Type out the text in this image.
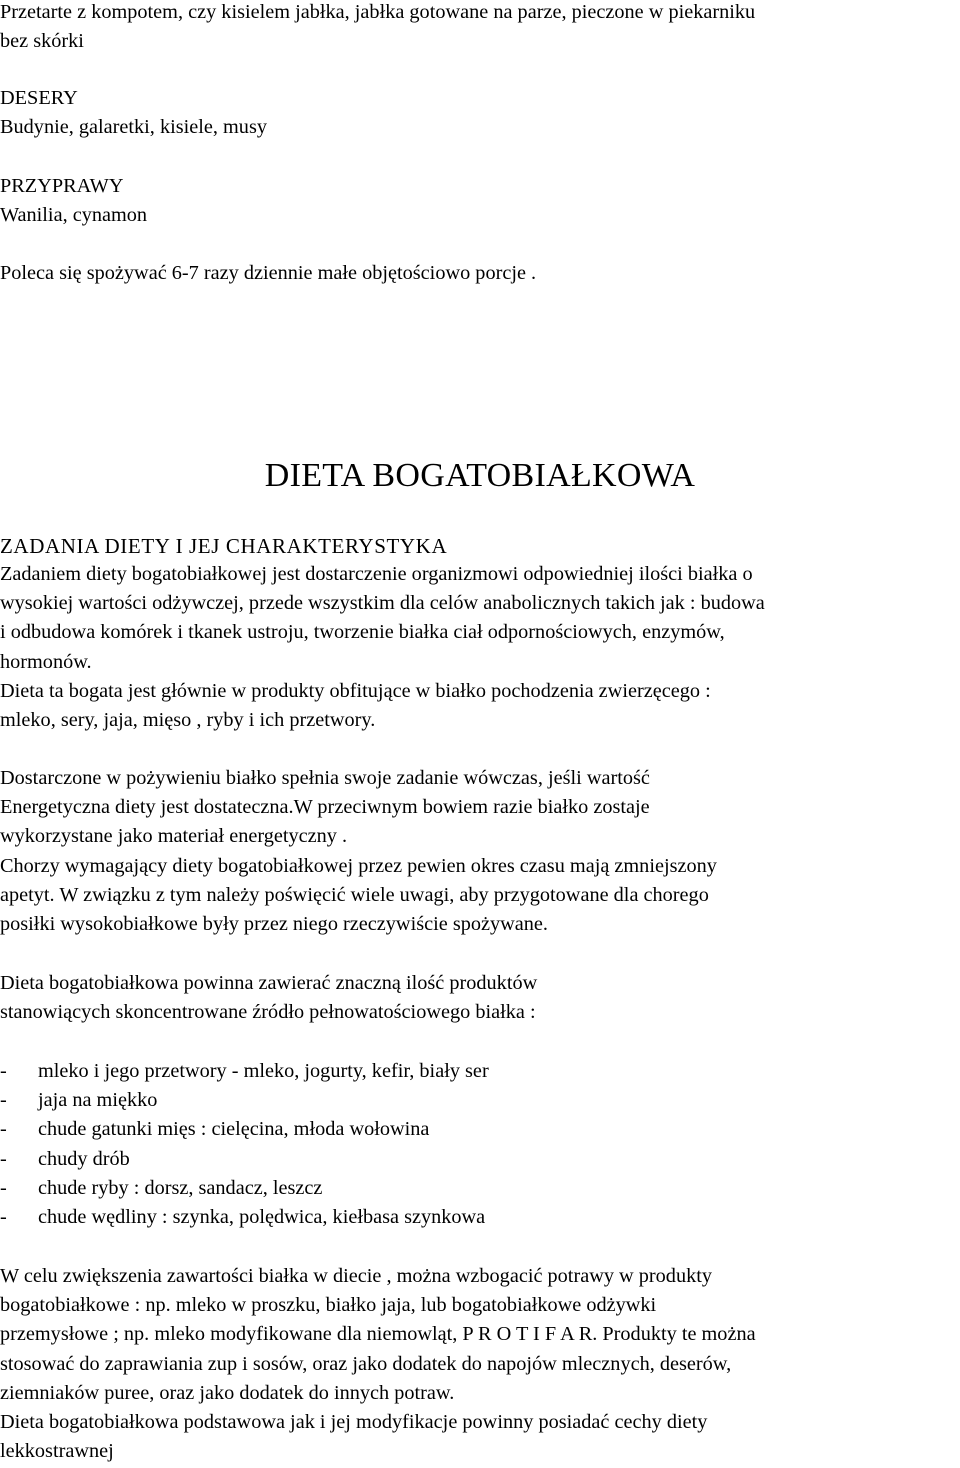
Przetarte z kompotem, czy kisielem jabłka, jabłka gotowane na parze, pieczone w piekarniku
bez skórki

DESERY
Budynie, galaretki, kisiele, musy

PRZYPRAWY
Wanilia, cynamon

Poleca się spożywać 6-7 razy dziennie małe objętościowo porcje .

DIETA BOGATOBIAŁKOWA
ZADANIA DIETY I JEJ CHARAKTERYSTYKA

Zadaniem diety bogatobiałkowej jest dostarczenie organizmowi odpowiedniej ilości białka o
wysokiej wartości odżywczej, przede wszystkim dla celów anabolicznych takich jak : budowa
i odbudowa komórek i tkanek ustroju, tworzenie białka ciał odpornościowych, enzymów,
hormonów.
Dieta ta bogata jest głównie w produkty obfitujące w białko pochodzenia zwierzęcego :
mleko, sery, jaja, mięso , ryby i ich przetwory.

Dostarczone w pożywieniu białko spełnia swoje zadanie wówczas, jeśli wartość
Energetyczna diety jest dostateczna.W przeciwnym bowiem razie białko zostaje
wykorzystane jako materiał energetyczny .
Chorzy wymagający diety bogatobiałkowej przez pewien okres czasu mają zmniejszony
apetyt. W związku z tym należy poświęcić wiele uwagi, aby przygotowane dla chorego
posiłki wysokobiałkowe były przez niego rzeczywiście spożywane.

Dieta bogatobiałkowa powinna zawierać znaczną ilość produktów
stanowiących skoncentrowane źródło pełnowatościowego białka :

- mleko i jego przetwory - mleko, jogurty, kefir, biały ser
- jaja na miękko
- chude gatunki mięs : cielęcina, młoda wołowina
- chudy drób
- chude ryby : dorsz, sandacz, leszcz
- chude wędliny : szynka, polędwica, kiełbasa szynkowa

W celu zwiększenia zawartości białka w diecie , można wzbogacić potrawy w produkty
bogatobiałkowe : np. mleko w proszku, białko jaja, lub bogatobiałkowe odżywki
przemysłowe ; np. mleko modyfikowane dla niemowląt, P R O T I F A R. Produkty te można
stosować do zaprawiania zup i sosów, oraz jako dodatek do napojów mlecznych, deserów,
ziemniaków puree, oraz jako dodatek do innych potraw.
Dieta bogatobiałkowa podstawowa jak i jej modyfikacje powinny posiadać cechy diety
lekkostrawnej
